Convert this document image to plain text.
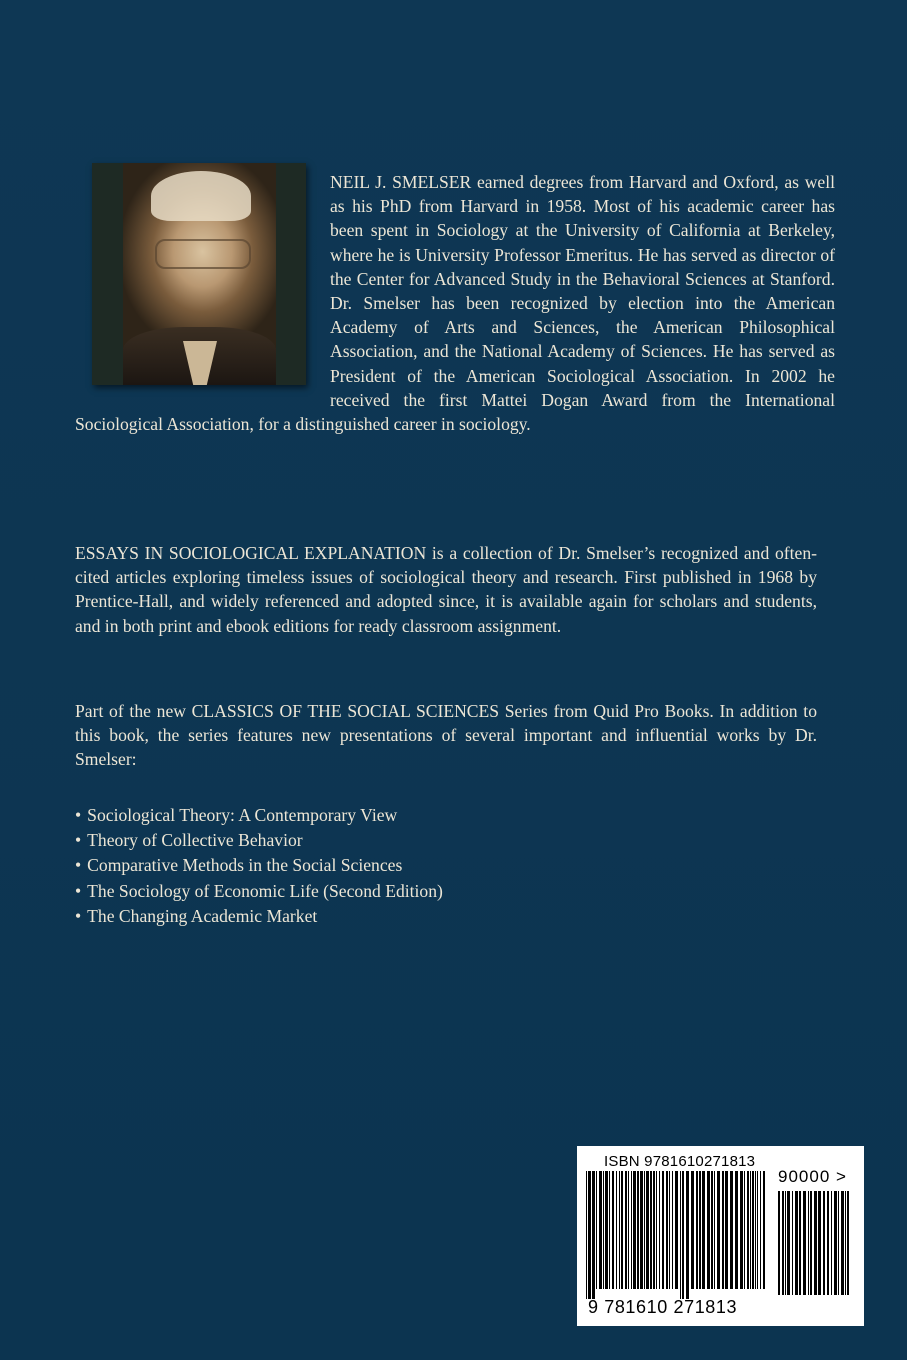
NEIL J. SMELSER earned degrees from Harvard and Oxford, as well as his PhD from Harvard in 1958. Most of his academic career has been spent in Sociology at the University of California at Berkeley, where he is University Professor Emeritus. He has served as director of the Center for Advanced Study in the Behavioral Sciences at Stanford. Dr. Smelser has been recognized by election into the American Academy of Arts and Sciences, the American Philosophical Association, and the National Academy of Sciences. He has served as President of the American Sociological Association. In 2002 he received the first Mattei Dogan Award from the International Sociological Association, for a distinguished career in sociology.

ESSAYS IN SOCIOLOGICAL EXPLANATION is a collection of Dr. Smelser’s recognized and often-cited articles exploring timeless issues of sociological theory and research. First published in 1968 by Prentice-Hall, and widely referenced and adopted since, it is available again for scholars and students, and in both print and ebook editions for ready classroom assignment.

Part of the new CLASSICS OF THE SOCIAL SCIENCES Series from Quid Pro Books. In addition to this book, the series features new presentations of several important and influential works by Dr. Smelser:

• Sociological Theory: A Contemporary View
• Theory of Collective Behavior
• Comparative Methods in the Social Sciences
• The Sociology of Economic Life (Second Edition)
• The Changing Academic Market
ISBN 9781610271813
90000 >
9 781610 271813
